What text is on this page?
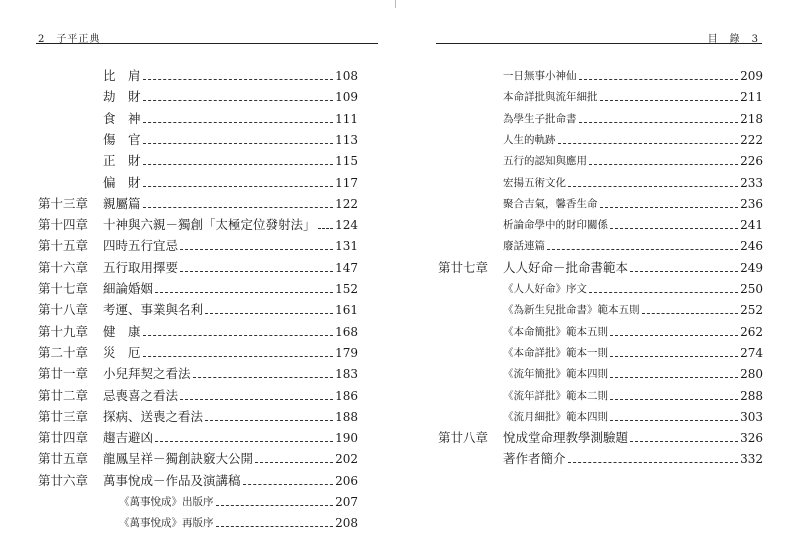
2　子平正典
比　肩	108
劫　財	109
食　神	111
傷　官	113
正　財	115
偏　財	117
第十三章	親屬篇	122
第十四章	十神與六親－獨創「太極定位發射法」 124
第十五章	四時五行宜忌	131
第十六章	五行取用擇要	147
第十七章	細論婚姻	152
第十八章	考運、事業與名利	161
第十九章	健　康	168
第二十章	災　厄	179
第廿一章	小兒拜契之看法	183
第廿二章	忌喪喜之看法	186
第廿三章	探病、送喪之看法	188
第廿四章	趨吉避凶	190
第廿五章	龍鳳呈祥－獨創訣竅大公開	202
第廿六章	萬事悅成－作品及演講稿	206
《萬事悅成》出版序	207
《萬事悅成》再版序	208
目　錄　3
一日無事小神仙	209
本命詳批與流年細批	211
為學生子批命書	218
人生的軌跡	222
五行的認知與應用	226
宏揚五術文化	233
聚合吉氣，馨香生命	236
析論命學中的財印關係	241
廢話連篇	246
第廿七章	人人好命－批命書範本	249
《人人好命》序文	250
《為新生兒批命書》範本五則	252
《本命簡批》範本五則	262
《本命詳批》範本一則	274
《流年簡批》範本四則	280
《流年詳批》範本二則	288
《流月細批》範本四則	303
第廿八章	悅成堂命理教學測驗題	326
著作者簡介	332
